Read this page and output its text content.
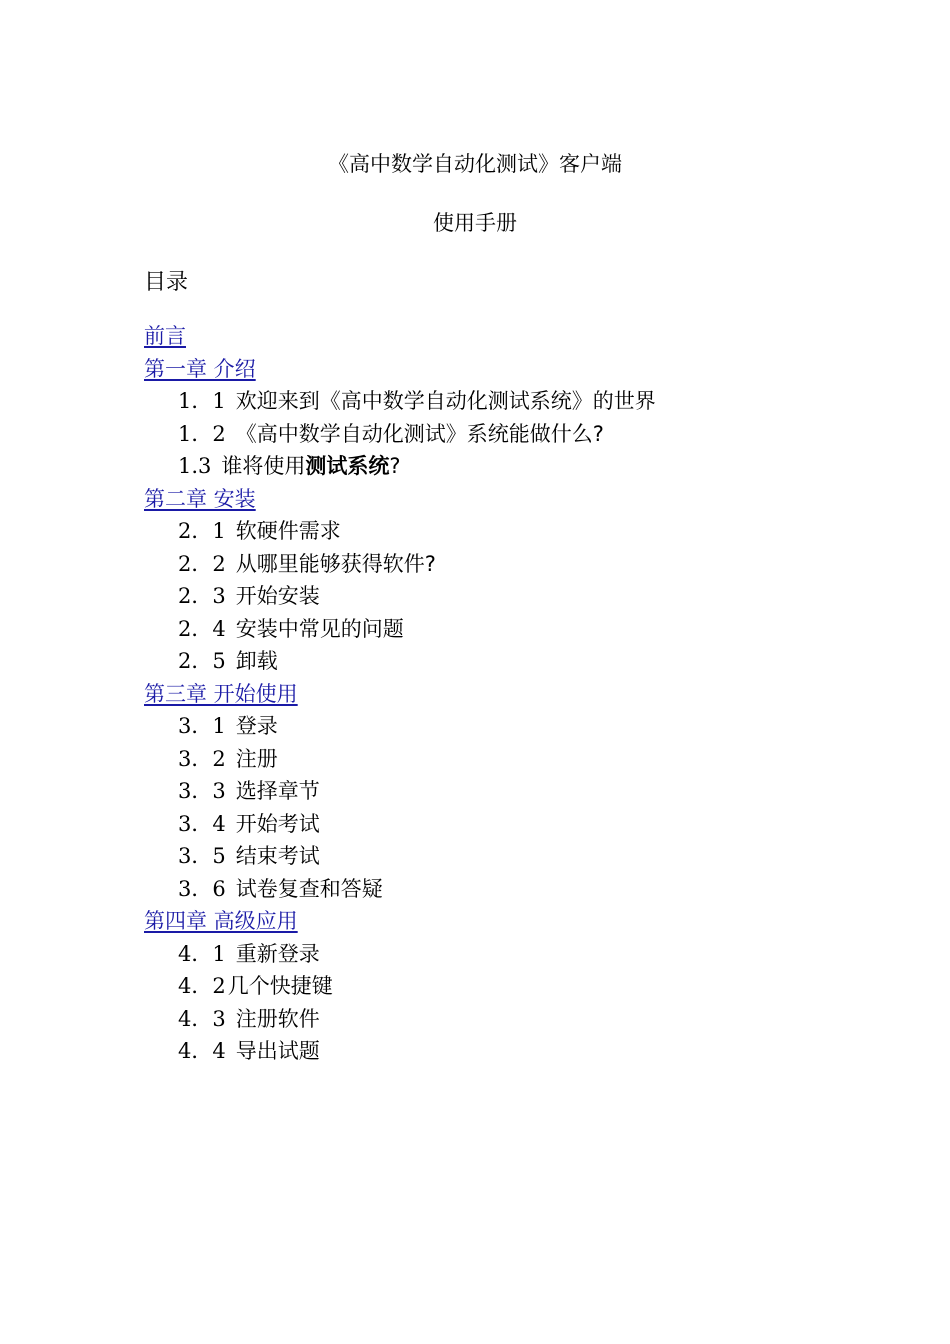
《高中数学自动化测试》客户端
使用手册
目录
前言
第一章 介绍
1．1 欢迎来到《高中数学自动化测试系统》的世界
1．2 《高中数学自动化测试》系统能做什么?
1.3 谁将使用测试系统?
第二章 安装
2．1 软硬件需求
2．2 从哪里能够获得软件?
2．3 开始安装
2．4 安装中常见的问题
2．5 卸载
第三章 开始使用
3．1 登录
3．2 注册
3．3 选择章节
3．4 开始考试
3．5 结束考试
3．6 试卷复查和答疑
第四章 高级应用
4．1 重新登录
4．2几个快捷键
4．3 注册软件
4．4 导出试题
